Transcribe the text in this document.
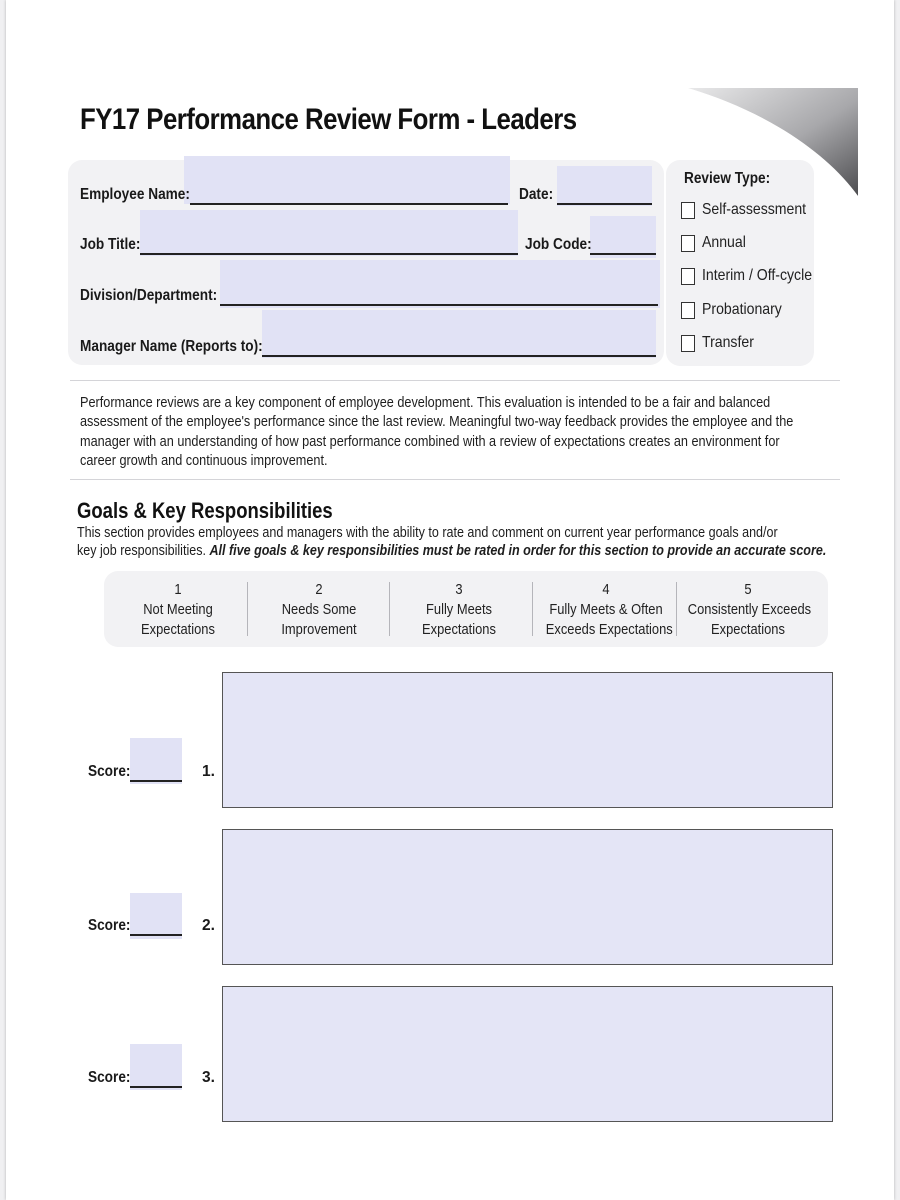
FY17 Performance Review Form - Leaders
Employee Name:	Date:
Job Title:	Job Code:
Division/Department:
Manager Name (Reports to):
Review Type:
Self-assessment
Annual
Interim / Off-cycle
Probationary
Transfer
Performance reviews are a key component of employee development. This evaluation is intended to be a fair and balanced
assessment of the employee's performance since the last review. Meaningful two-way feedback provides the employee and the
manager with an understanding of how past performance combined with a review of expectations creates an environment for
career growth and continuous improvement.
Goals & Key Responsibilities
This section provides employees and managers with the ability to rate and comment on current year performance goals and/or
key job responsibilities. All five goals & key responsibilities must be rated in order for this section to provide an accurate score.
1
Not Meeting
Expectations
2
Needs Some
Improvement
3
Fully Meets
Expectations
4
Fully Meets & Often
Exceeds Expectations
5
Consistently Exceeds
Expectations
Score:	1.
Score:	2.
Score:	3.
